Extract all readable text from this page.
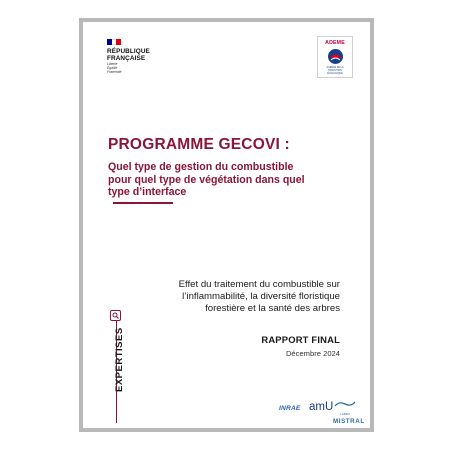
RÉPUBLIQUE
FRANÇAISE
Liberté
Égalité
Fraternité
ADEME
AGENCE DE LA TRANSITION ÉCOLOGIQUE
PROGRAMME GECOVI :
Quel type de gestion du combustible
pour quel type de végétation dans quel
type d’interface
Effet du traitement du combustible sur
l’inflammabilité, la diversité floristique
forestière et la santé des arbres
RAPPORT FINAL
Décembre 2024
EXPERTISES
INRAE amU
LABEX
MISTRAL
